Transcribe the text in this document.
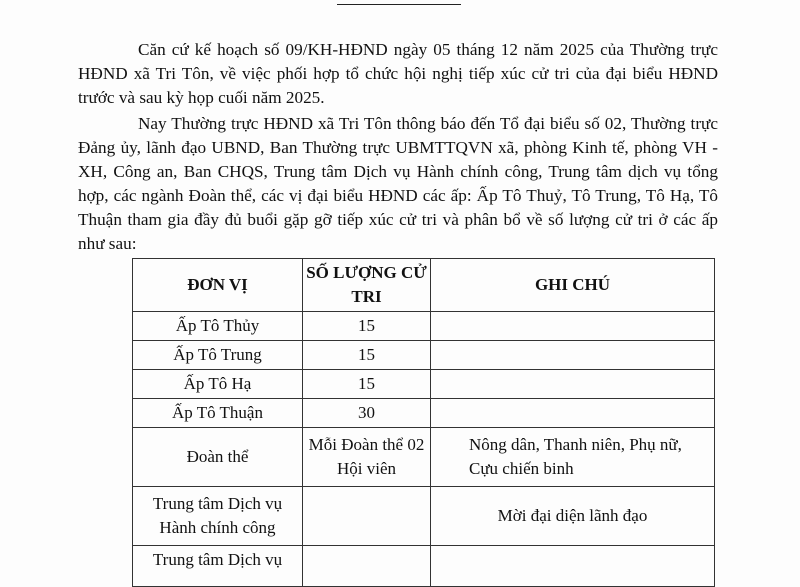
Căn cứ kế hoạch số 09/KH-HĐND ngày 05 tháng 12 năm 2025 của Thường trực HĐND xã Tri Tôn, về việc phối hợp tổ chức hội nghị tiếp xúc cử tri của đại biểu HĐND trước và sau kỳ họp cuối năm 2025.

Nay Thường trực HĐND xã Tri Tôn thông báo đến Tổ đại biểu số 02, Thường trực Đảng ủy, lãnh đạo UBND, Ban Thường trực UBMTTQVN xã, phòng Kinh tế, phòng VH - XH, Công an, Ban CHQS, Trung tâm Dịch vụ Hành chính công, Trung tâm dịch vụ tổng hợp, các ngành Đoàn thể, các vị đại biểu HĐND các ấp: Ấp Tô Thuỷ, Tô Trung, Tô Hạ, Tô Thuận tham gia đầy đủ buổi gặp gỡ tiếp xúc cử tri và phân bổ về số lượng cử tri ở các ấp như sau:

ĐƠN VỊ	SỐ LƯỢNG CỬ TRI	GHI CHÚ
Ấp Tô Thủy	15	
Ấp Tô Trung	15	
Ấp Tô Hạ	15	
Ấp Tô Thuận	30	
Đoàn thể	Mỗi Đoàn thể 02 Hội viên	Nông dân, Thanh niên, Phụ nữ, Cựu chiến binh
Trung tâm Dịch vụ Hành chính công		Mời đại diện lãnh đạo
Trung tâm Dịch vụ		
